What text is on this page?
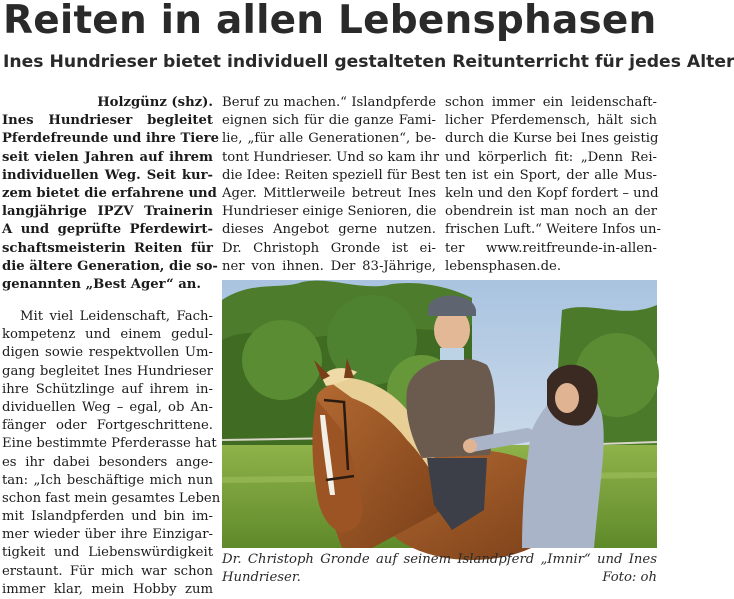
Reiten in allen Lebensphasen
Ines Hundrieser bietet individuell gestalteten Reitunterricht für jedes Alter
Holzgünz (shz).
Ines Hundrieser begleitet
Pferdefreunde und ihre Tiere
seit vielen Jahren auf ihrem
individuellen Weg. Seit kur-
zem bietet die erfahrene und
langjährige IPZV Trainerin
A und geprüfte Pferdewirt-
schaftsmeisterin Reiten für
die ältere Generation, die so-
genannten „Best Ager“ an.
Mit viel Leidenschaft, Fach-
kompetenz und einem gedul-
digen sowie respektvollen Um-
gang begleitet Ines Hundrieser
ihre Schützlinge auf ihrem in-
dividuellen Weg – egal, ob An-
fänger oder Fortgeschrittene.
Eine bestimmte Pferderasse hat
es ihr dabei besonders ange-
tan: „Ich beschäftige mich nun
schon fast mein gesamtes Leben
mit Islandpferden und bin im-
mer wieder über ihre Einzigar-
tigkeit und Liebenswürdigkeit
erstaunt. Für mich war schon
immer klar, mein Hobby zum
Beruf zu machen.“ Islandpferde
eignen sich für die ganze Fami-
lie, „für alle Generationen“, be-
tont Hundrieser. Und so kam ihr
die Idee: Reiten speziell für Best
Ager. Mittlerweile betreut Ines
Hundrieser einige Senioren, die
dieses Angebot gerne nutzen.
Dr. Christoph Gronde ist ei-
ner von ihnen. Der 83-Jährige,
schon immer ein leidenschaft-
licher Pferdemensch, hält sich
durch die Kurse bei Ines geistig
und körperlich fit: „Denn Rei-
ten ist ein Sport, der alle Mus-
keln und den Kopf fordert – und
obendrein ist man noch an der
frischen Luft.“ Weitere Infos un-
ter www.reitfreunde-in-allen-
lebensphasen.de.
Dr. Christoph Gronde auf seinem Islandpferd „Imnir“ und Ines
Hundrieser.	Foto: oh
